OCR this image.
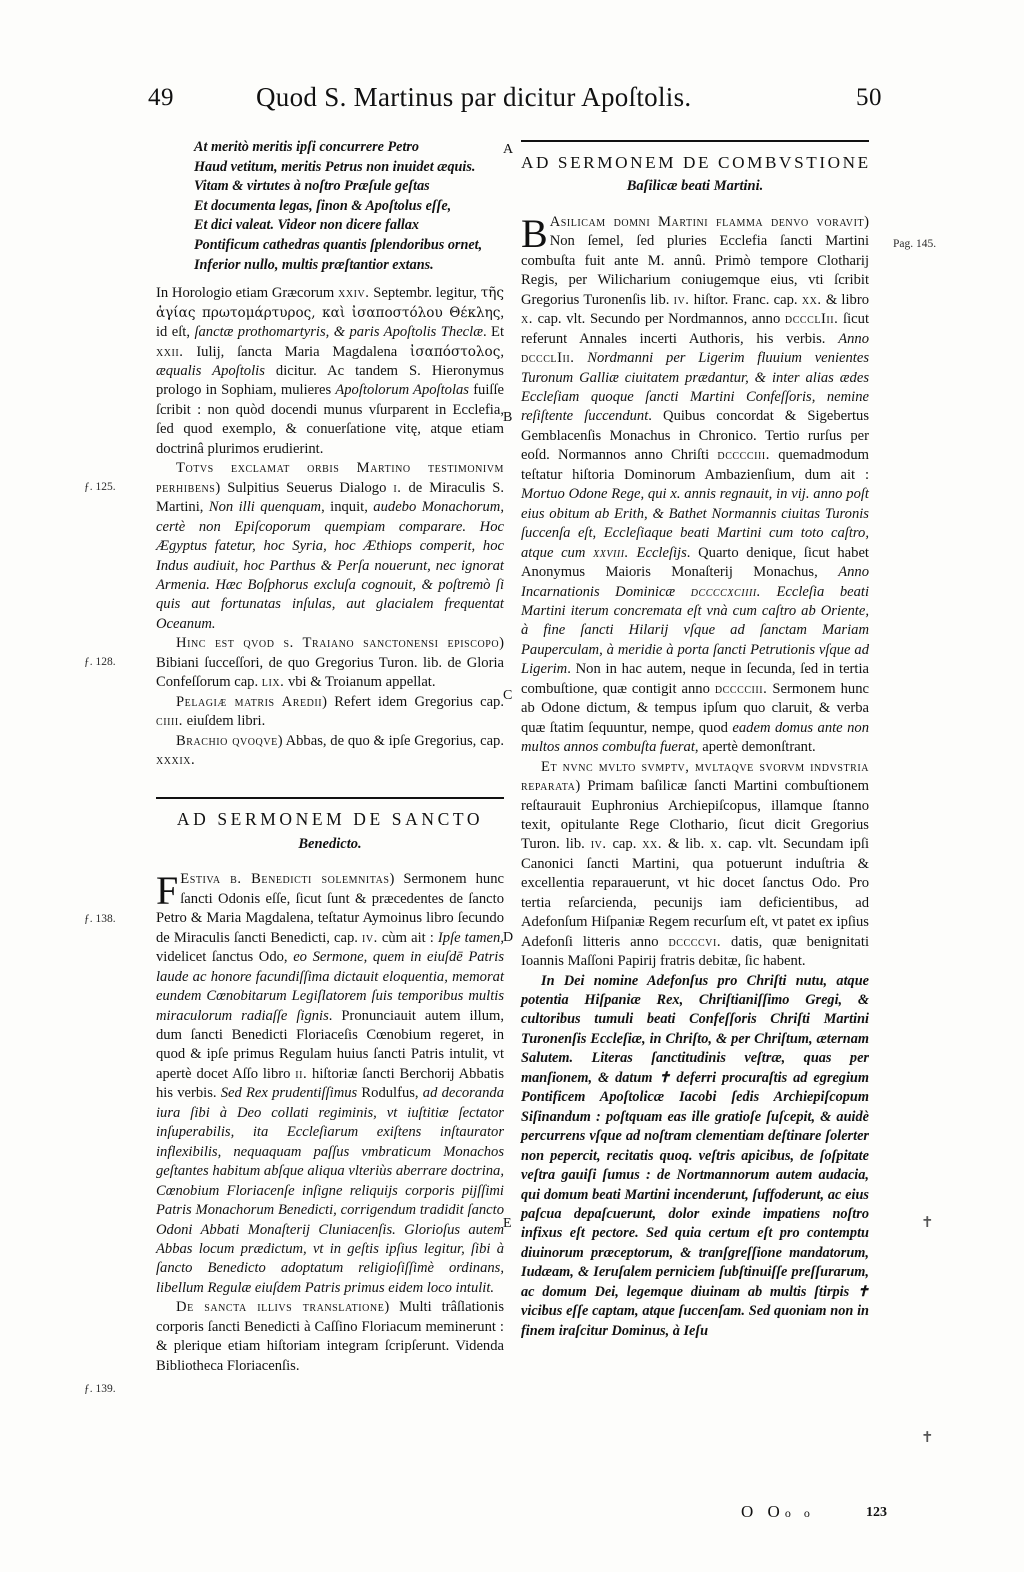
49	Quod S. Martinus par dicitur Apoſtolis.	50
A
B
C
D
E
ƒ. 125.
ƒ. 128.
ƒ. 138.
ƒ. 139.
Pag. 145.
✝
✝
At meritò meritis ipſi concurrere Petro
Haud vetitum, meritis Petrus non inuidet æquis.
Vitam & virtutes à noſtro Præſule geſtas
Et documenta legas, ſinon & Apoſtolus eſſe,
Et dici valeat. Videor non dicere fallax
Pontificum cathedras quantis ſplendoribus ornet,
Inferior nullo, multis præſtantior extans.

In Horologio etiam Græcorum xxiv. Septembr. legitur, τῆς ἁγίας πρωτομάρτυρος, καὶ ἰσαποστόλου Θέκλης, id eſt, ſanctæ prothomartyris, & paris Apoſtolis Theclæ. Et xxii. Iulij, ſancta Maria Magdalena ἰσαπόστολος, æqualis Apoſtolis dicitur. Ac tandem S. Hieronymus prologo in Sophiam, mulieres Apoſtolorum Apoſtolas fuiſſe ſcribit : non quòd docendi munus vſurparent in Ecclefia, ſed quod exemplo, & conuerſatione vitę, atque etiam doctrinâ plurimos erudierint.

Totvs exclamat orbis Martino testimonivm perhibens) Sulpitius Seuerus Dialogo i. de Miraculis S. Martini, Non illi quenquam, inquit, audebo Monachorum, certè non Epiſcoporum quempiam comparare. Hoc Ægyptus fatetur, hoc Syria, hoc Æthiops comperit, hoc Indus audiuit, hoc Parthus & Perſa nouerunt, nec ignorat Armenia. Hæc Boſphorus excluſa cognouit, & poſtremò ſi quis aut fortunatas inſulas, aut glacialem frequentat Oceanum.

Hinc est qvod s. Traiano sanctonensi episcopo) Bibiani ſucceſſori, de quo Gregorius Turon. lib. de Gloria Confeſſorum cap. lix. vbi & Troianum appellat.

Pelagiæ matris Aredii) Refert idem Gregorius cap. ciiii. eiuſdem libri.

Brachio qvoqve) Abbas, de quo & ipſe Gregorius, cap. xxxix.

AD SERMONEM DE SANCTO
Benedicto.

F Estiva b. Benedicti solemnitas) Sermonem hunc ſancti Odonis eſſe, ſicut ſunt & præcedentes de ſancto Petro & Maria Magdalena, teſtatur Aymoinus libro ſecundo de Miraculis ſancti Benedicti, cap. iv. cùm ait : Ipſe tamen, videlicet ſanctus Odo, eo Sermone, quem in eiuſdē Patris laude ac honore facundiſſima dictauit eloquentia, memorat eundem Cœnobitarum Legiſlatorem ſuis temporibus multis miraculorum radiaſſe ſignis. Pronunciauit autem illum, dum ſancti Benedicti Floriaceſis Cœnobium regeret, in quod & ipſe primus Regulam huius ſancti Patris intulit, vt apertè docet Aſſo libro ii. hiſtoriæ ſancti Berchorij Abbatis his verbis. Sed Rex prudentiſſimus Rodulfus, ad decoranda iura ſibi à Deo collati regiminis, vt iuſtitiæ ſectator inſuperabilis, ita Eccleſiarum exiſtens inſtaurator inflexibilis, nequaquam paſſus vmbraticum Monachos geſtantes habitum abſque aliqua vlteriùs aberrare doctrina, Cœnobium Floriacenſe inſigne reliquijs corporis pijſſimi Patris Monachorum Benedicti, corrigendum tradidit ſancto Odoni Abbati Monaſterij Cluniacenſis. Glorioſus autem Abbas locum prædictum, vt in geſtis ipſius legitur, ſibi à ſancto Benedicto adoptatum religioſiſſimè ordinans, libellum Regulæ eiuſdem Patris primus eidem loco intulit.

De sancta illivs translatione) Multi trâſlationis corporis ſancti Benedicti à Caſſino Floriacum meminerunt : & plerique etiam hiſtoriam integram ſcripſerunt. Videnda Bibliotheca Floriacenſis.

AD SERMONEM DE COMBVSTIONE
Baſilicæ beati Martini.

B Asilicam domni Martini flamma denvo voravit) Non ſemel, ſed pluries Ecclefia ſancti Martini combuſta fuit ante M. annû. Primò tempore Clotharij Regis, per Wilicharium coniugemque eius, vti ſcribit Gregorius Turonenſis lib. iv. hiſtor. Franc. cap. xx. & libro x. cap. vlt. Secundo per Nordmannos, anno dccclIii. ſicut referunt Annales incerti Authoris, his verbis. Anno dccclIii. Nordmanni per Ligerim fluuium venientes Turonum Galliæ ciuitatem prædantur, & inter alias ædes Eccleſiam quoque ſancti Martini Confeſſoris, nemine reſiſtente ſuccendunt. Quibus concordat & Sigebertus Gemblacenſis Monachus in Chronico. Tertio rurſus per eoſd. Normannos anno Chriſti dcccciii. quemadmodum teſtatur hiſtoria Dominorum Ambazienſium, dum ait : Mortuo Odone Rege, qui x. annis regnauit, in vij. anno poſt eius obitum ab Erith, & Bathet Normannis ciuitas Turonis ſuccenſa eſt, Eccleſiaque beati Martini cum toto caſtro, atque cum xxviii. Eccleſijs. Quarto denique, ſicut habet Anonymus Maioris Monaſterij Monachus, Anno Incarnationis Dominicæ dccccxciiii. Eccleſia beati Martini iterum concremata eſt vnà cum caſtro ab Oriente, à fine ſancti Hilarij vſque ad ſanctam Mariam Pauperculam, à meridie à porta ſancti Petrutionis vſque ad Ligerim. Non in hac autem, neque in ſecunda, ſed in tertia combuſtione, quæ contigit anno dcccciii. Sermonem hunc ab Odone dictum, & tempus ipſum quo claruit, & verba quæ ſtatim ſequuntur, nempe, quod eadem domus ante non multos annos combuſta fuerat, apertè demonſtrant.

Et nvnc mvlto svmptv, mvltaqve svorvm indvstria reparata) Primam baſilicæ ſancti Martini combuſtionem reſtaurauit Euphronius Archiepiſcopus, illamque ſtanno texit, opitulante Rege Clothario, ſicut dicit Gregorius Turon. lib. iv. cap. xx. & lib. x. cap. vlt. Secundam ipſi Canonici ſancti Martini, qua potuerunt induſtria & excellentia reparauerunt, vt hic docet ſanctus Odo. Pro tertia reſarcienda, pecunijs iam deficientibus, ad Adefonſum Hiſpaniæ Regem recurſum eſt, vt patet ex ipſius Adefonſi litteris anno dccccvi. datis, quæ benignitati Ioannis Maſſoni Papirij fratris debitæ, ſic habent.

In Dei nomine Adefonſus pro Chriſti nutu, atque potentia Hiſpaniæ Rex, Chriſtianiſſimo Gregi, & cultoribus tumuli beati Confeſſoris Chriſti Martini Turonenſis Eccleſiæ, in Chriſto, & per Chriſtum, æternam Salutem. Literas ſanctitudinis veſtræ, quas per manſionem, & datum ✝ deferri procuraſtis ad egregium Pontificem Apoſtolicæ Iacobi ſedis Archiepiſcopum Siſinandum : poſtquam eas ille gratioſe ſuſcepit, & auidè percurrens vſque ad noſtram clementiam deſtinare ſolerter non pepercit, recitatis quoq. veſtris apicibus, de ſoſpitate veſtra gauiſi ſumus : de Nortmannorum autem audacia, qui domum beati Martini incenderunt, ſuffoderunt, ac eius paſcua depaſcuerunt, dolor exinde impatiens noſtro infixus eſt pectore. Sed quia certum eſt pro contemptu diuinorum præceptorum, & tranſgreſſione mandatorum, Iudæam, & Ieruſalem perniciem ſubſtinuiſſe preſſurarum, ac domum Dei, legemque diuinam ab multis ſtirpis ✝ vicibus eſſe captam, atque ſuccenſam. Sed quoniam non in finem iraſcitur Dominus, à Ieſu

O Oo o	123
